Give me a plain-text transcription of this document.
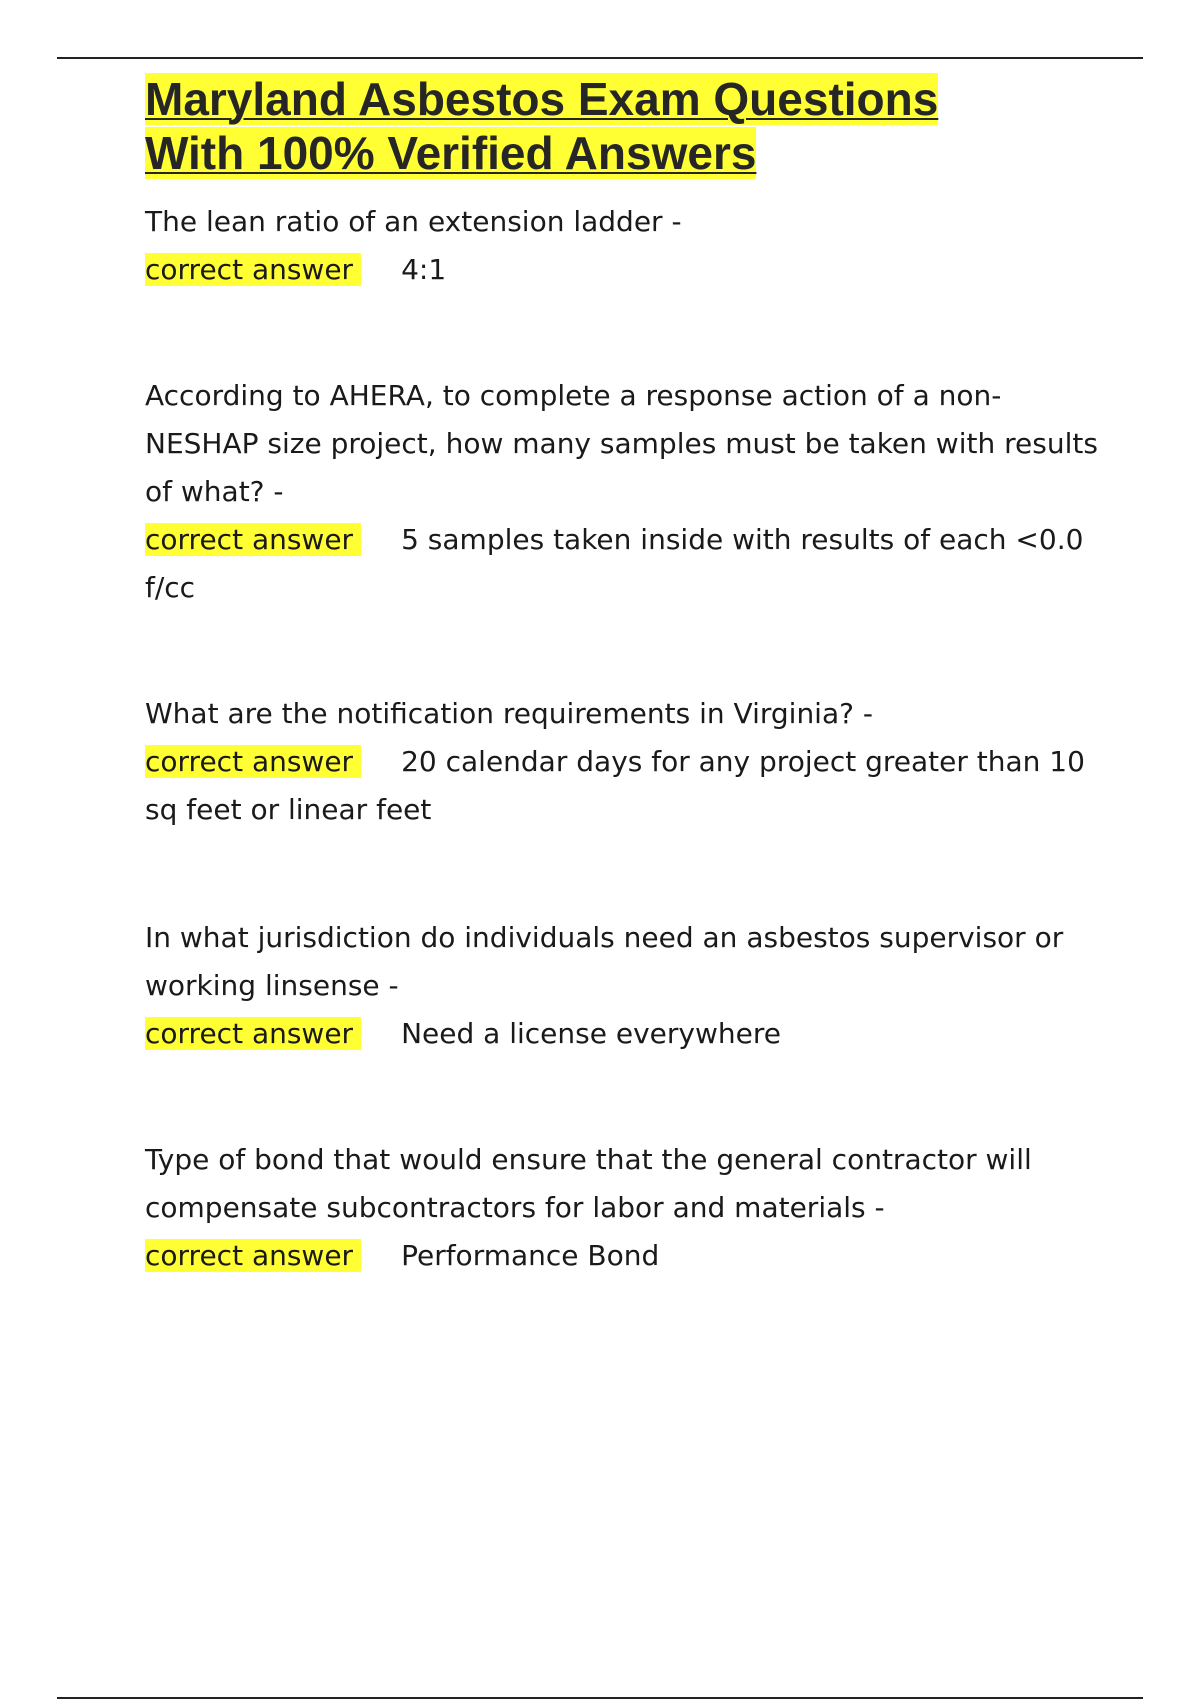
Maryland Asbestos Exam Questions
With 100% Verified Answers

The lean ratio of an extension ladder -

correct answer 4:1

According to AHERA, to complete a response action of a non-NESHAP size project, how many samples must be taken with results of what? -

correct answer 5 samples taken inside with results of each <0.0 f/cc

What are the notification requirements in Virginia? -

correct answer 20 calendar days for any project greater than 10 sq feet or linear feet

In what jurisdiction do individuals need an asbestos supervisor or working linsense -

correct answer Need a license everywhere

Type of bond that would ensure that the general contractor will compensate subcontractors for labor and materials -

correct answer Performance Bond
